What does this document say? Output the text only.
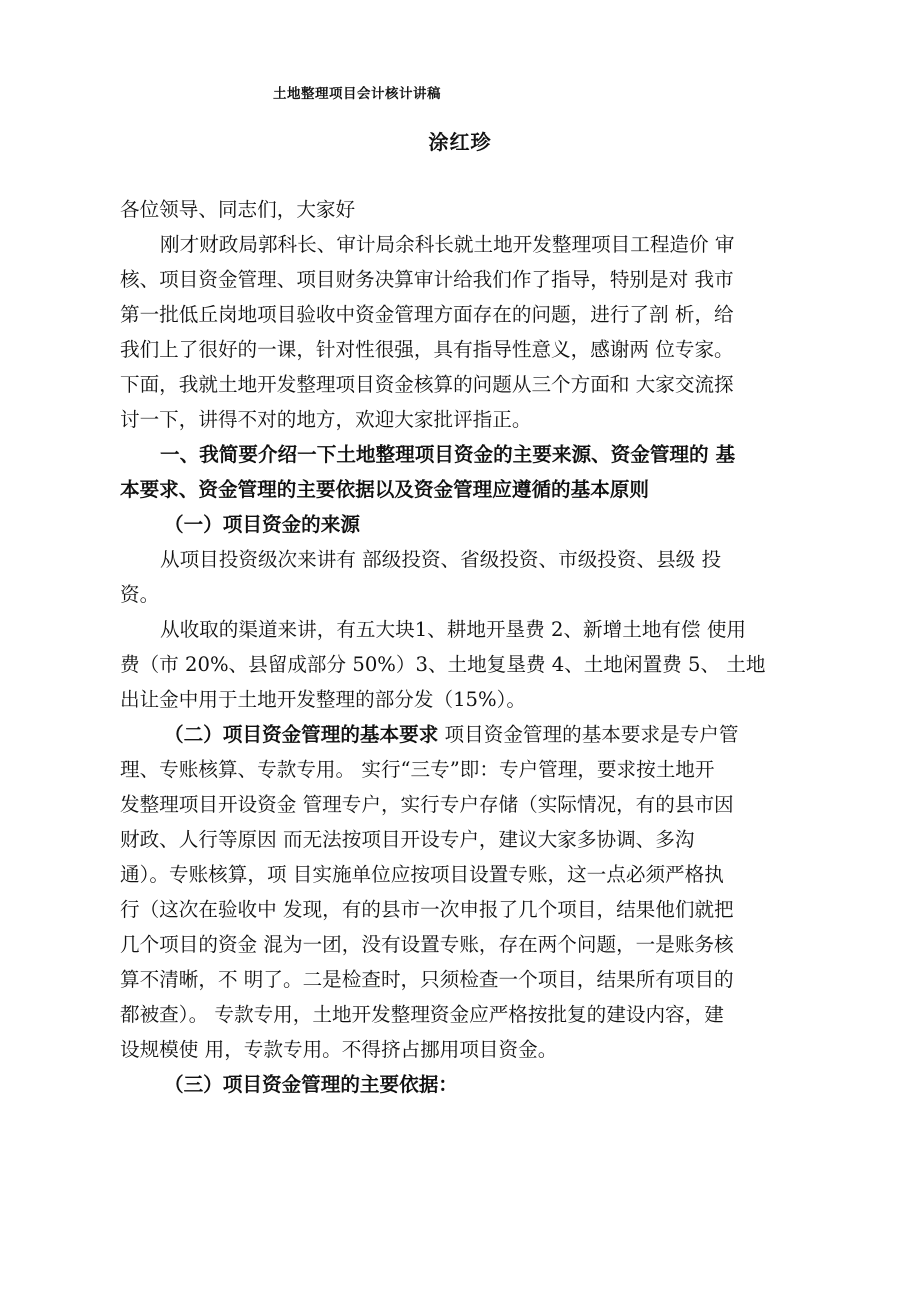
土地整理项目会计核计讲稿
涂红珍
各位领导、同志们，大家好
刚才财政局郭科长、审计局余科长就土地开发整理项目工程造价 审
核、项目资金管理、项目财务决算审计给我们作了指导，特别是对 我市
第一批低丘岗地项目验收中资金管理方面存在的问题，进行了剖 析，给
我们上了很好的一课，针对性很强，具有指导性意义，感谢两 位专家。
下面，我就土地开发整理项目资金核算的问题从三个方面和 大家交流探
讨一下，讲得不对的地方，欢迎大家批评指正。
一、我简要介绍一下土地整理项目资金的主要来源、资金管理的 基
本要求、资金管理的主要依据以及资金管理应遵循的基本原则
（一）项目资金的来源
从项目投资级次来讲有 部级投资、省级投资、市级投资、县级 投
资。
从收取的渠道来讲，有五大块1、耕地开垦费 2、新增土地有偿 使用
费（市 20%、县留成部分 50%）3、土地复垦费 4、土地闲置费 5、 土地
出让金中用于土地开发整理的部分发（15%）。
（二）项目资金管理的基本要求 项目资金管理的基本要求是专户管
理、专账核算、专款专用。 实行“三专”即：专户管理，要求按土地开
发整理项目开设资金 管理专户，实行专户存储（实际情况，有的县市因
财政、人行等原因 而无法按项目开设专户，建议大家多协调、多沟
通）。专账核算，项 目实施单位应按项目设置专账，这一点必须严格执
行（这次在验收中 发现，有的县市一次申报了几个项目，结果他们就把
几个项目的资金 混为一团，没有设置专账，存在两个问题，一是账务核
算不清晰，不 明了。二是检查时，只须检查一个项目，结果所有项目的
都被查）。 专款专用，土地开发整理资金应严格按批复的建设内容，建
设规模使 用，专款专用。不得挤占挪用项目资金。
（三）项目资金管理的主要依据：
